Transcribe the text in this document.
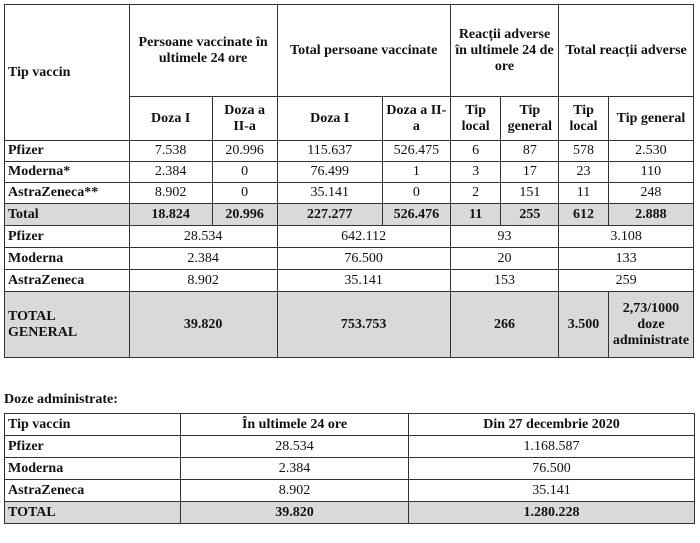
Tip vaccin	Persoane vaccinate în ultimele 24 ore		Total persoane vaccinate		Reacții adverse în ultimele 24 de ore		Total reacții adverse	
	Doza I	Doza a II-a	Doza I	Doza a II-a	Tip local	Tip general	Tip local	Tip general
Pfizer	7.538	20.996	115.637	526.475	6	87	578	2.530
Moderna*	2.384	0	76.499	1	3	17	23	110
AstraZeneca**	8.902	0	35.141	0	2	151	11	248
Total	18.824	20.996	227.277	526.476	11	255	612	2.888
Pfizer	28.534		642.112		93		3.108	
Moderna	2.384		76.500		20		133	
AstraZeneca	8.902		35.141		153		259	
TOTAL GENERAL	39.820		753.753		266		3.500	2,73/1000 doze administrate
Doze administrate:
Tip vaccin	În ultimele 24 ore	Din 27 decembrie 2020
Pfizer	28.534	1.168.587
Moderna	2.384	76.500
AstraZeneca	8.902	35.141
TOTAL	39.820	1.280.228
